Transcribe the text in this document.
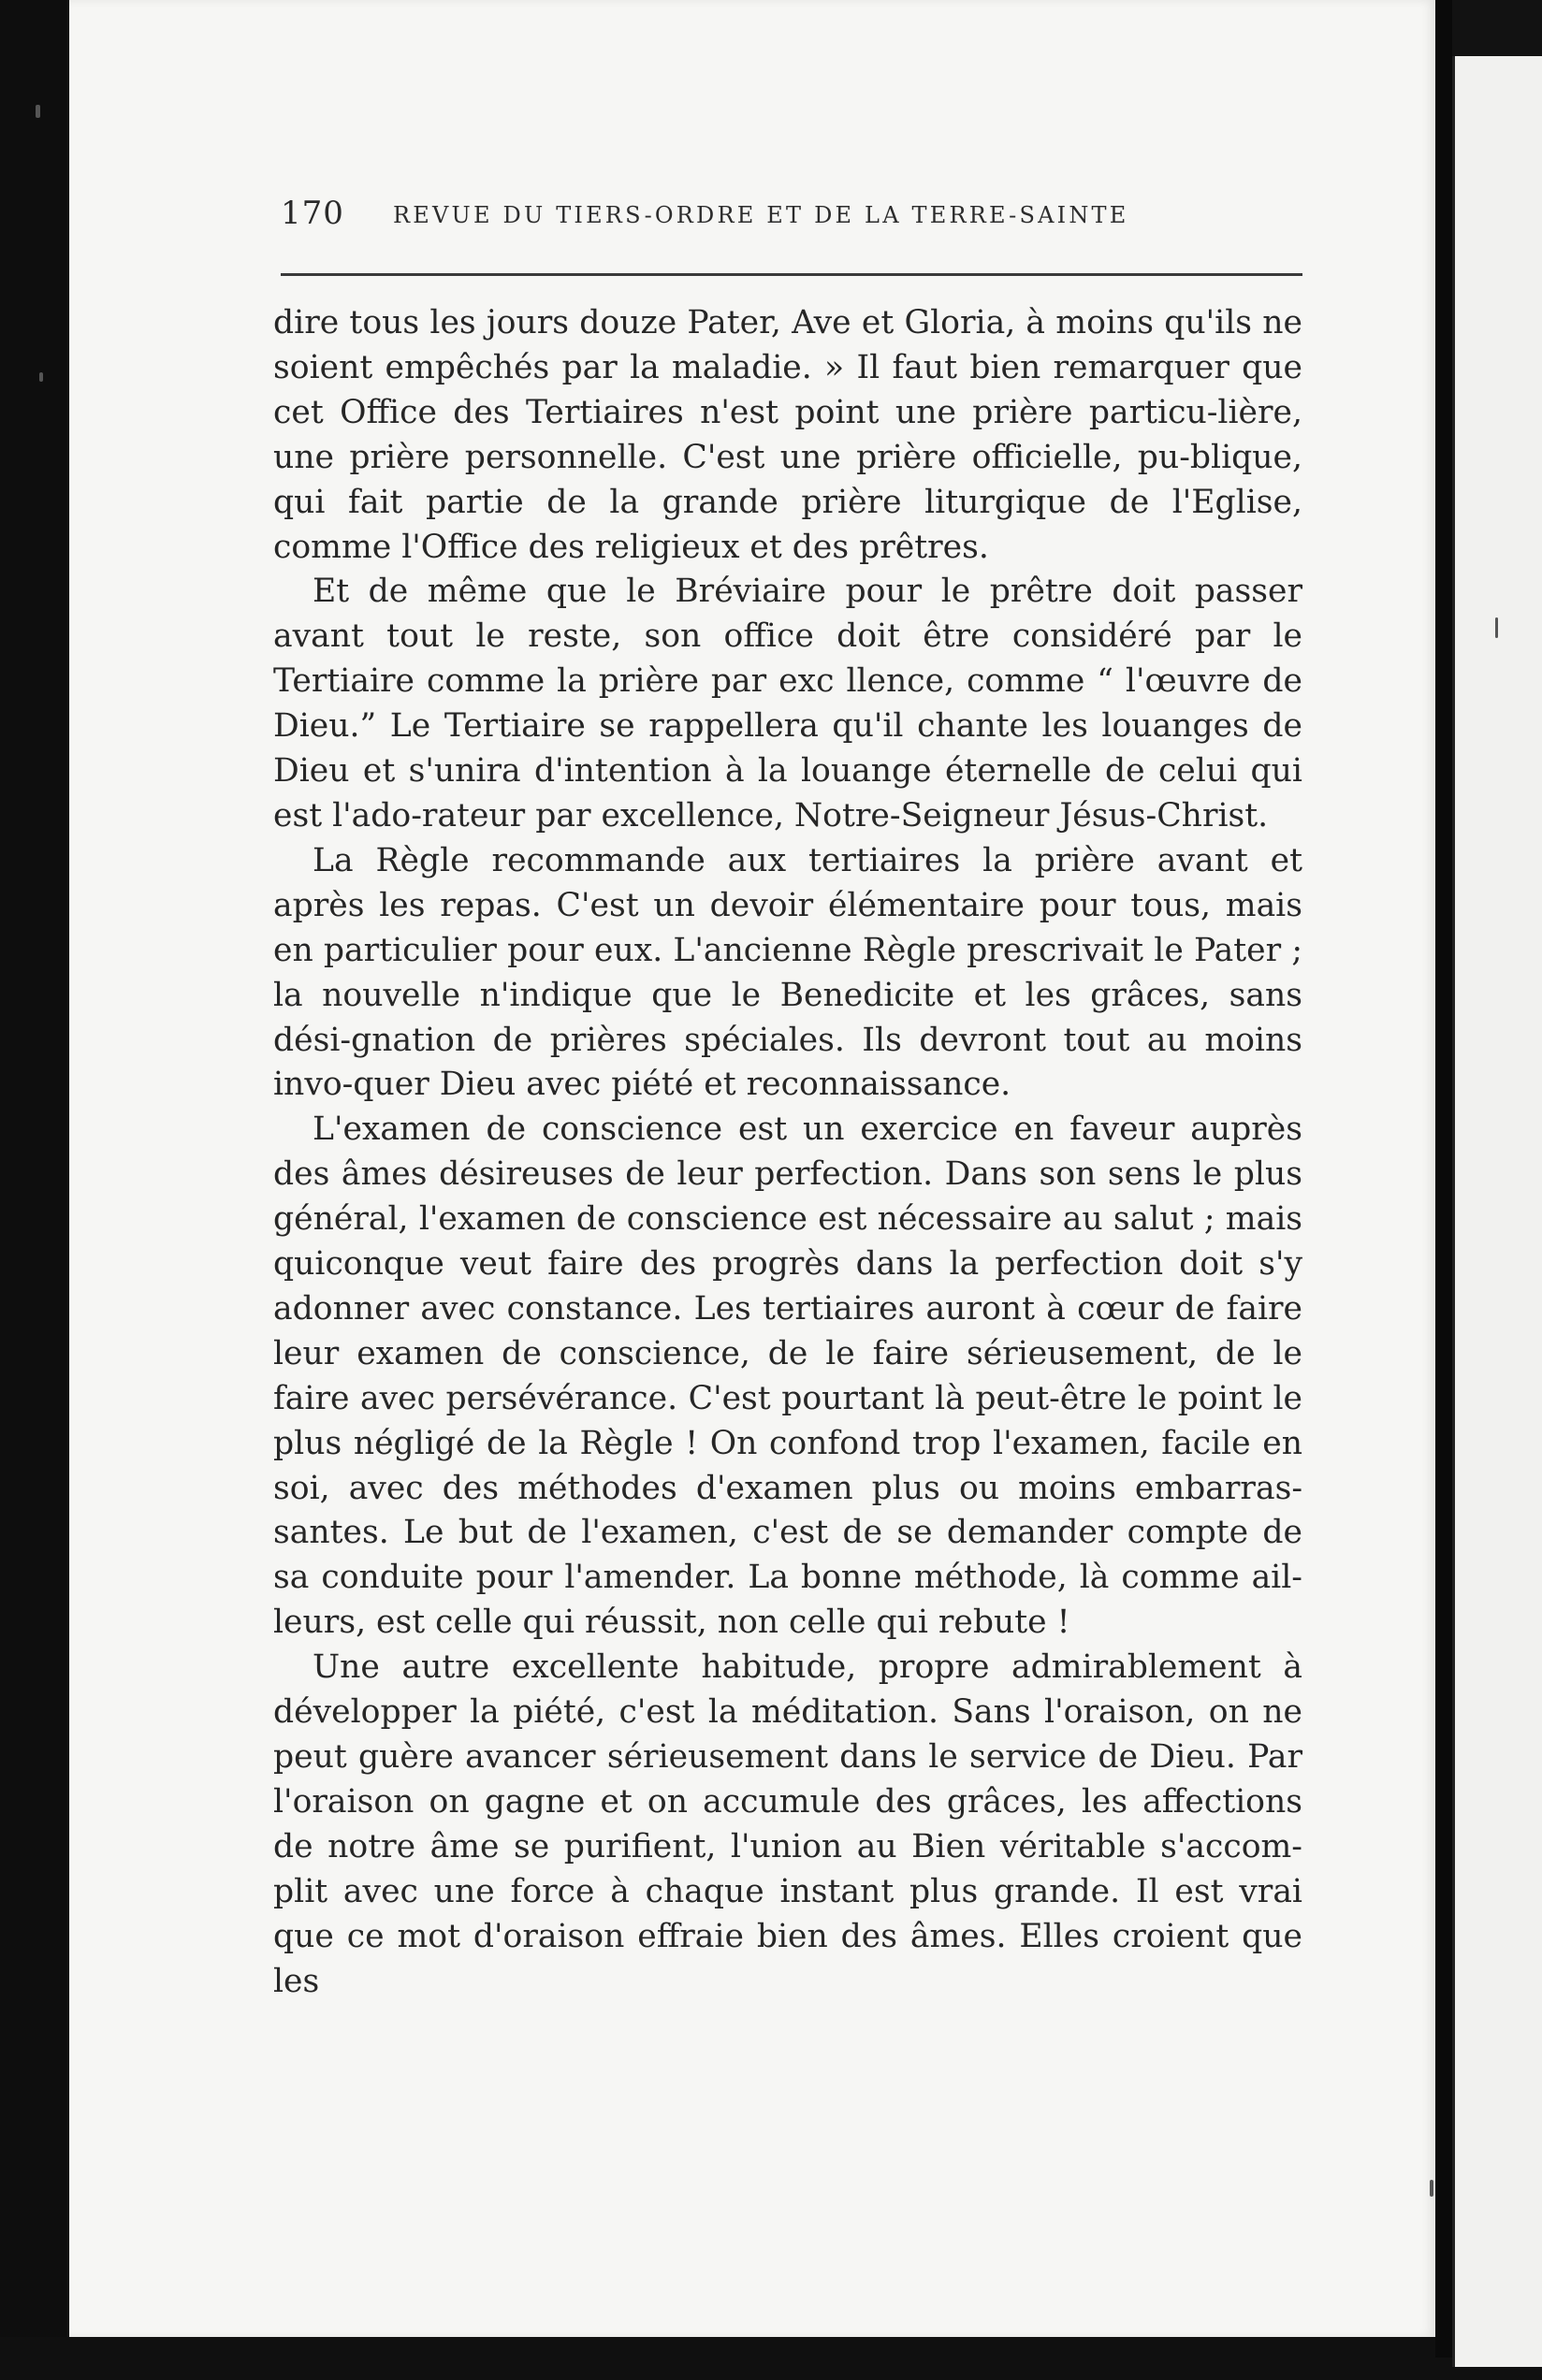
170 REVUE DU TIERS-ORDRE ET DE LA TERRE-SAINTE

dire tous les jours douze Pater, Ave et Gloria, à moins qu'ils ne soient empêchés par la maladie. » Il faut bien remarquer que cet Office des Tertiaires n'est point une prière particu-lière, une prière personnelle. C'est une prière officielle, pu-blique, qui fait partie de la grande prière liturgique de l'Eglise, comme l'Office des religieux et des prêtres.

Et de même que le Bréviaire pour le prêtre doit passer avant tout le reste, son office doit être considéré par le Tertiaire comme la prière par exc llence, comme “ l'œuvre de Dieu.” Le Tertiaire se rappellera qu'il chante les louanges de Dieu et s'unira d'intention à la louange éternelle de celui qui est l'ado-rateur par excellence, Notre-Seigneur Jésus-Christ.

La Règle recommande aux tertiaires la prière avant et après les repas. C'est un devoir élémentaire pour tous, mais en particulier pour eux. L'ancienne Règle prescrivait le Pater ; la nouvelle n'indique que le Benedicite et les grâces, sans dési-gnation de prières spéciales. Ils devront tout au moins invo-quer Dieu avec piété et reconnaissance.

L'examen de conscience est un exercice en faveur auprès des âmes désireuses de leur perfection. Dans son sens le plus général, l'examen de conscience est nécessaire au salut ; mais quiconque veut faire des progrès dans la perfection doit s'y adonner avec constance. Les tertiaires auront à cœur de faire leur examen de conscience, de le faire sérieusement, de le faire avec persévérance. C'est pourtant là peut-être le point le plus négligé de la Règle ! On confond trop l'examen, facile en soi, avec des méthodes d'examen plus ou moins embarras-santes. Le but de l'examen, c'est de se demander compte de sa conduite pour l'amender. La bonne méthode, là comme ail-leurs, est celle qui réussit, non celle qui rebute !

Une autre excellente habitude, propre admirablement à développer la piété, c'est la méditation. Sans l'oraison, on ne peut guère avancer sérieusement dans le service de Dieu. Par l'oraison on gagne et on accumule des grâces, les affections de notre âme se purifient, l'union au Bien véritable s'accom-plit avec une force à chaque instant plus grande. Il est vrai que ce mot d'oraison effraie bien des âmes. Elles croient que les
